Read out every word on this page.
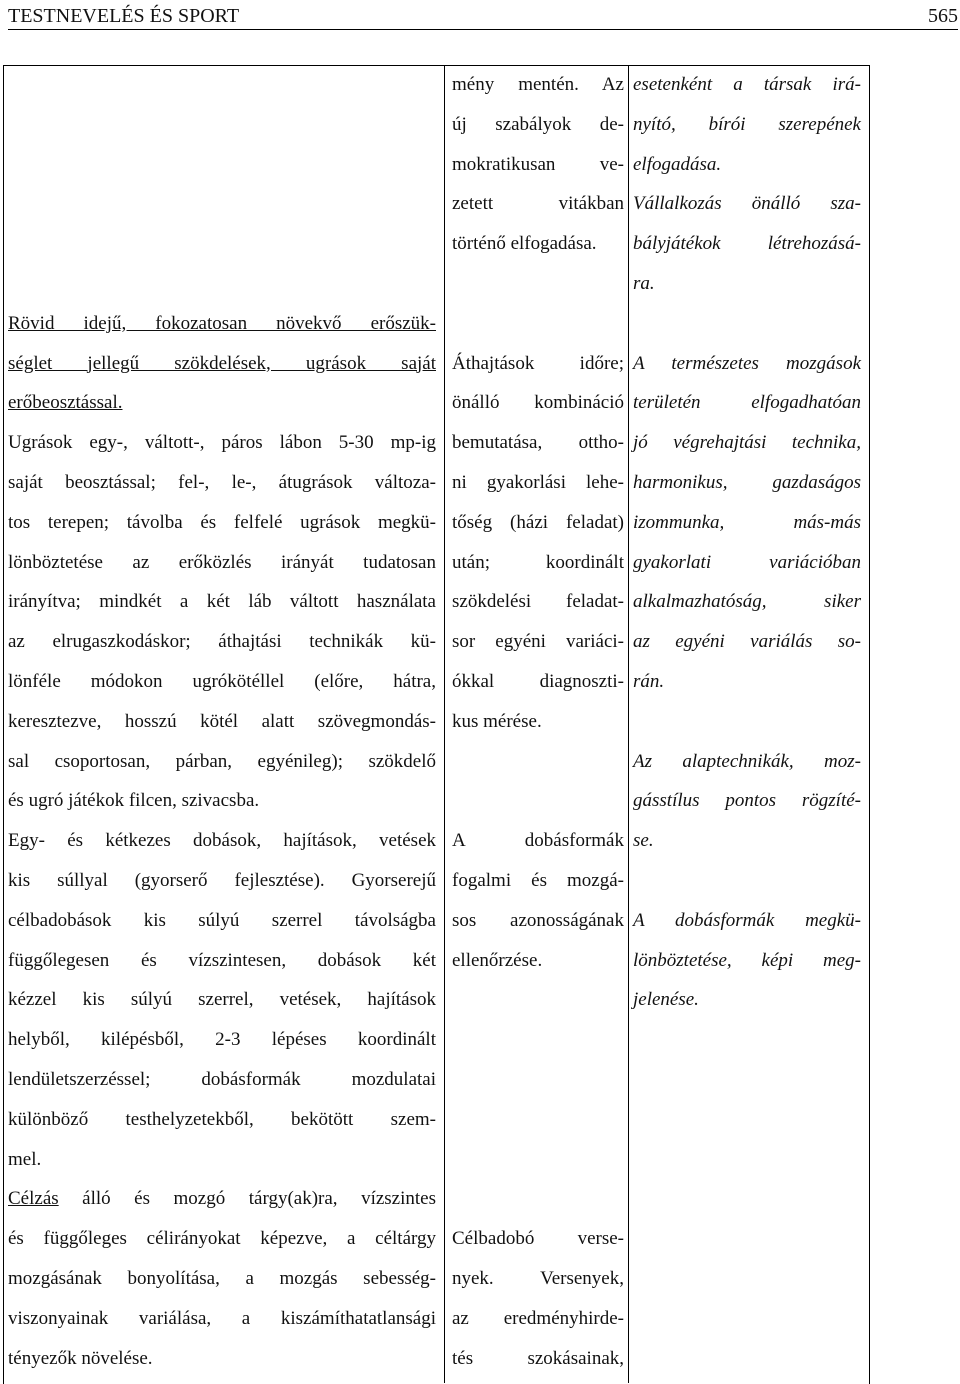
TESTNEVELÉS ÉS SPORT	565

Rövid idejű, fokozatosan növekvő erőszük-

séglet jellegű szökdelések, ugrások saját

erőbeosztással.

Ugrások egy-, váltott-, páros lábon 5-30 mp-ig

saját beosztással; fel-, le-, átugrások változa-

tos terepen; távolba és felfelé ugrások megkü-

lönböztetése az erőközlés irányát tudatosan

irányítva; mindkét a két láb váltott használata

az elrugaszkodáskor; áthajtási technikák kü-

lönféle módokon ugrókötéllel (előre, hátra,

keresztezve, hosszú kötél alatt szövegmondás-

sal csoportosan, párban, egyénileg); szökdelő

és ugró játékok filcen, szivacsba.

Egy- és kétkezes dobások, hajítások, vetések

kis súllyal (gyorserő fejlesztése). Gyorserejű

célbadobások kis súlyú szerrel távolságba

függőlegesen és vízszintesen, dobások két

kézzel kis súlyú szerrel, vetések, hajítások

helyből, kilépésből, 2-3 lépéses koordinált

lendületszerzéssel; dobásformák mozdulatai

különböző testhelyzetekből, bekötött szem-

mel.

Célzás álló és mozgó tárgy(ak)ra, vízszintes

és függőleges célirányokat képezve, a céltárgy

mozgásának bonyolítása, a mozgás sebesség-

viszonyainak variálása, a kiszámíthatatlansági

tényezők növelése.

mény mentén. Az

új szabályok de-

mokratikusan ve-

zetett vitákban

történő elfogadása.

Áthajtások időre;

önálló kombináció

bemutatása, ottho-

ni gyakorlási lehe-

tőség (házi feladat)

után; koordinált

szökdelési feladat-

sor egyéni variáci-

ókkal diagnoszti-

kus mérése.

A dobásformák

fogalmi és mozgá-

sos azonosságának

ellenőrzése.

Célbadobó verse-

nyek. Versenyek,

az eredményhirde-

tés szokásainak,

esetenként a társak irá-

nyító, bírói szerepének

elfogadása.

Vállalkozás önálló sza-

bályjátékok létrehozásá-

ra.

A természetes mozgások

területén elfogadhatóan

jó végrehajtási technika,

harmonikus, gazdaságos

izommunka, más-más

gyakorlati variációban

alkalmazhatóság, siker

az egyéni variálás so-

rán.

Az alaptechnikák, moz-

gásstílus pontos rögzíté-

se.

A dobásformák megkü-

lönböztetése, képi meg-

jelenése.
